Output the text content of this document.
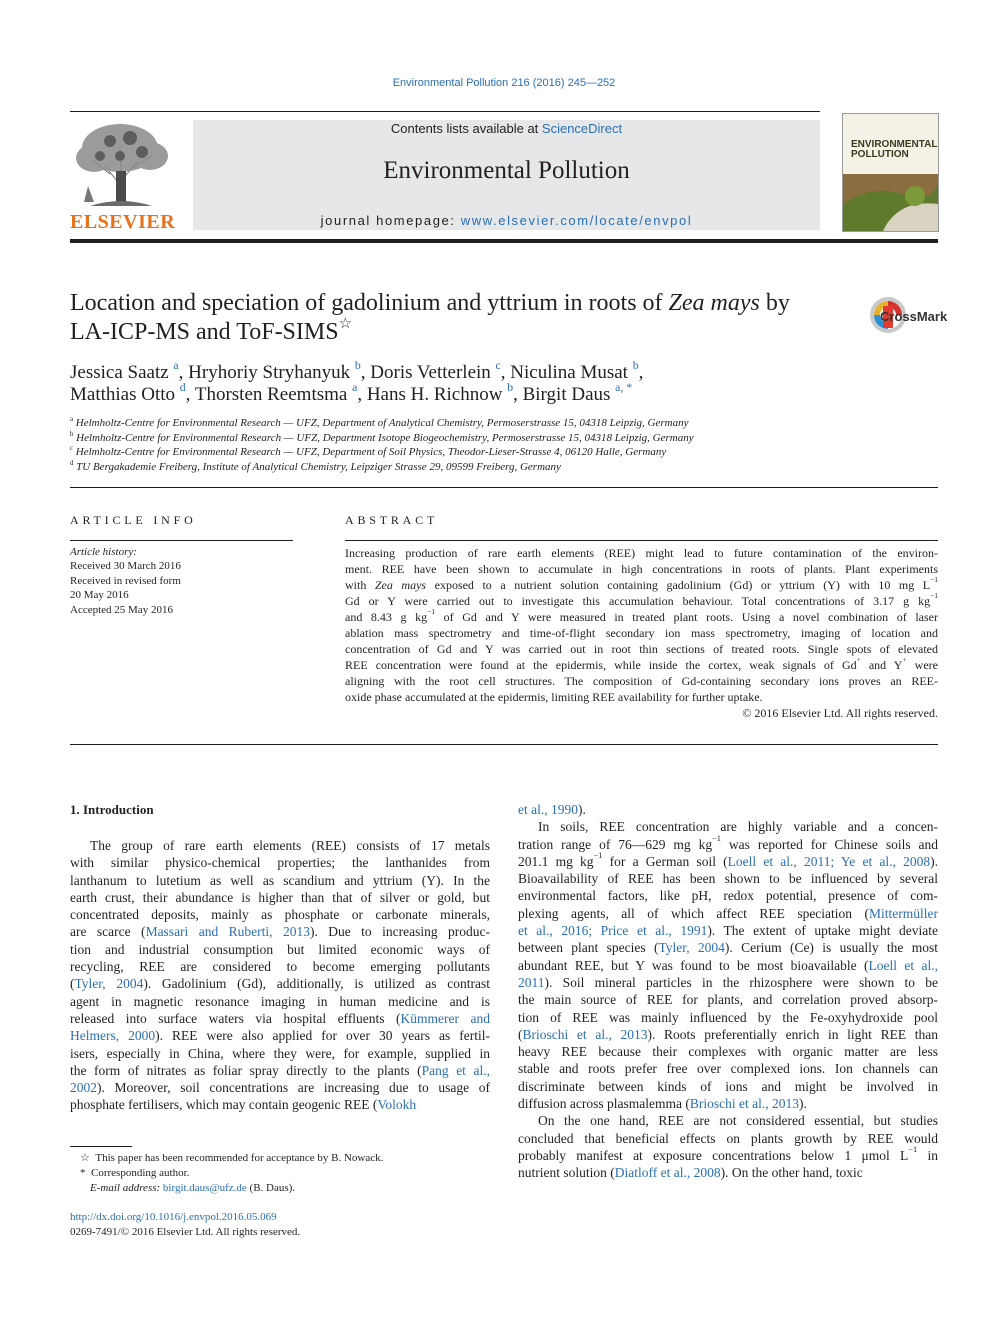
Environmental Pollution 216 (2016) 245—252
ELSEVIER
Contents lists available at ScienceDirect
Environmental Pollution
journal homepage: www.elsevier.com/locate/envpol
ENVIRONMENTAL POLLUTION
Location and speciation of gadolinium and yttrium in roots of Zea mays by LA-ICP-MS and ToF-SIMS☆	CrossMark
Jessica Saatz $^a$, Hryhoriy Stryhanyuk $^b$, Doris Vetterlein $^c$, Niculina Musat $^b$,
Matthias Otto $^d$, Thorsten Reemtsma $^a$, Hans H. Richnow $^b$, Birgit Daus $^{a, *}$
$^a$ Helmholtz-Centre for Environmental Research — UFZ, Department of Analytical Chemistry, Permoserstrasse 15, 04318 Leipzig, Germany
$^b$ Helmholtz-Centre for Environmental Research — UFZ, Department Isotope Biogeochemistry, Permoserstrasse 15, 04318 Leipzig, Germany
$^c$ Helmholtz-Centre for Environmental Research — UFZ, Department of Soil Physics, Theodor-Lieser-Strasse 4, 06120 Halle, Germany
$^d$ TU Bergakademie Freiberg, Institute of Analytical Chemistry, Leipziger Strasse 29, 09599 Freiberg, Germany
ARTICLE INFO	ABSTRACT
Article history:
Received 30 March 2016
Received in revised form
20 May 2016
Accepted 25 May 2016
Increasing production of rare earth elements (REE) might lead to future contamination of the environ-
ment. REE have been shown to accumulate in high concentrations in roots of plants. Plant experiments
with Zea mays exposed to a nutrient solution containing gadolinium (Gd) or yttrium (Y) with 10 mg $L^{-1}$
Gd or Y were carried out to investigate this accumulation behaviour. Total concentrations of 3.17 g $kg^{-1}$
and 8.43 g $kg^{-1}$ of Gd and Y were measured in treated plant roots. Using a novel combination of laser
ablation mass spectrometry and time-of-flight secondary ion mass spectrometry, imaging of location and
concentration of Gd and Y was carried out in root thin sections of treated roots. Single spots of elevated
REE concentration were found at the epidermis, while inside the cortex, weak signals of Gd+ and Y+ were
aligning with the root cell structures. The composition of Gd-containing secondary ions proves an REE-
oxide phase accumulated at the epidermis, limiting REE availability for further uptake.
© 2016 Elsevier Ltd. All rights reserved.
1. Introduction
The group of rare earth elements (REE) consists of 17 metals
with similar physico-chemical properties; the lanthanides from
lanthanum to lutetium as well as scandium and yttrium (Y). In the
earth crust, their abundance is higher than that of silver or gold, but
concentrated deposits, mainly as phosphate or carbonate minerals,
are scarce (Massari and Ruberti, 2013). Due to increasing produc-
tion and industrial consumption but limited economic ways of
recycling, REE are considered to become emerging pollutants
(Tyler, 2004). Gadolinium (Gd), additionally, is utilized as contrast
agent in magnetic resonance imaging in human medicine and is
released into surface waters via hospital effluents (Kümmerer and
Helmers, 2000). REE were also applied for over 30 years as fertil-
isers, especially in China, where they were, for example, supplied in
the form of nitrates as foliar spray directly to the plants (Pang et al.,
2002). Moreover, soil concentrations are increasing due to usage of
phosphate fertilisers, which may contain geogenic REE (Volokh
et al., 1990).
In soils, REE concentration are highly variable and a concen-
tration range of 76—629 mg $kg^{-1}$ was reported for Chinese soils and
201.1 mg $kg^{-1}$ for a German soil (Loell et al., 2011; Ye et al., 2008).
Bioavailability of REE has been shown to be influenced by several
environmental factors, like pH, redox potential, presence of com-
plexing agents, all of which affect REE speciation (Mittermüller
et al., 2016; Price et al., 1991). The extent of uptake might deviate
between plant species (Tyler, 2004). Cerium (Ce) is usually the most
abundant REE, but Y was found to be most bioavailable (Loell et al.,
2011). Soil mineral particles in the rhizosphere were shown to be
the main source of REE for plants, and correlation proved absorp-
tion of REE was mainly influenced by the Fe-oxyhydroxide pool
(Brioschi et al., 2013). Roots preferentially enrich in light REE than
heavy REE because their complexes with organic matter are less
stable and roots prefer free over complexed ions. Ion channels can
discriminate between kinds of ions and might be involved in
diffusion across plasmalemma (Brioschi et al., 2013).
On the one hand, REE are not considered essential, but studies
concluded that beneficial effects on plants growth by REE would
probably manifest at exposure concentrations below 1 μmol $L^{-1}$ in
nutrient solution (Diatloff et al., 2008). On the other hand, toxic
☆  This paper has been recommended for acceptance by B. Nowack.
*  Corresponding author.
E-mail address: birgit.daus@ufz.de (B. Daus).
http://dx.doi.org/10.1016/j.envpol.2016.05.069
0269-7491/© 2016 Elsevier Ltd. All rights reserved.
